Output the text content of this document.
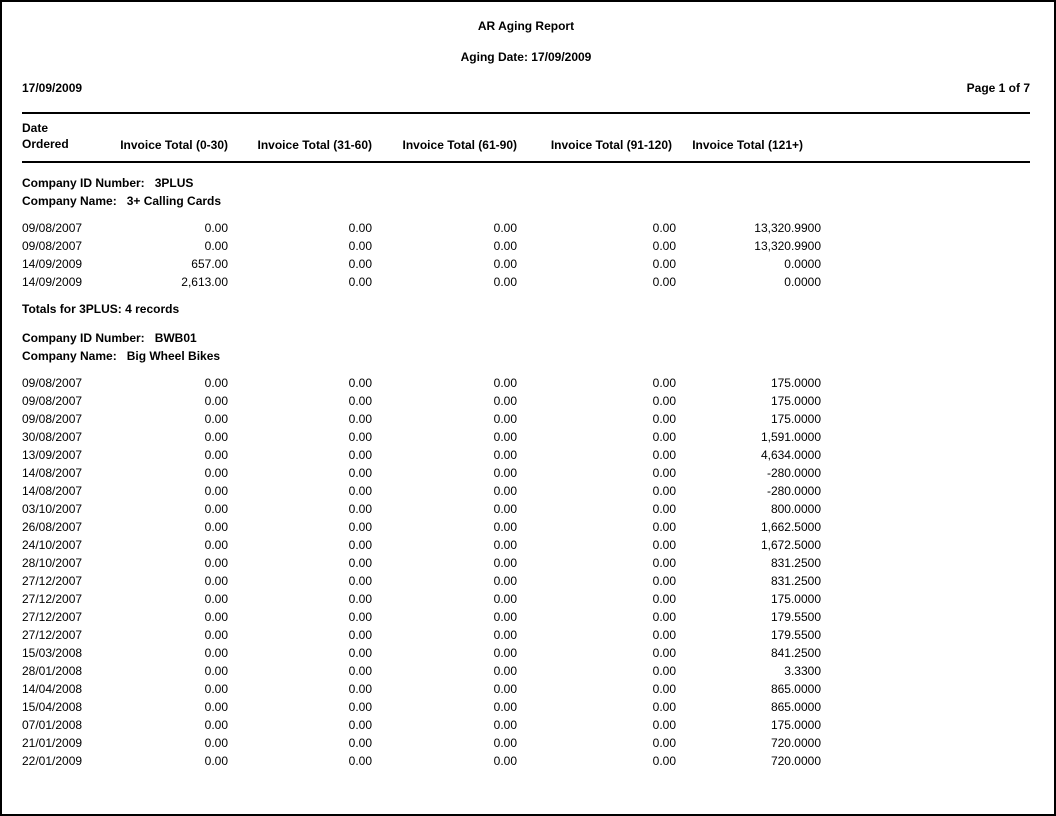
AR Aging Report
Aging Date: 17/09/2009
17/09/2009	Page 1 of 7
Date
Ordered	Invoice Total (0-30)	Invoice Total (31-60)	Invoice Total (61-90)	Invoice Total (91-120)	Invoice Total (121+)	

Company ID Number: 3PLUS						
Company Name: 3+ Calling Cards						

09/08/2007	0.00	0.00	0.00	0.00	13,320.9900	
09/08/2007	0.00	0.00	0.00	0.00	13,320.9900	
14/09/2009	657.00	0.00	0.00	0.00	0.0000	
14/09/2009	2,613.00	0.00	0.00	0.00	0.0000	

Totals for 3PLUS: 4 records						

Company ID Number: BWB01						
Company Name: Big Wheel Bikes						

09/08/2007	0.00	0.00	0.00	0.00	175.0000	
09/08/2007	0.00	0.00	0.00	0.00	175.0000	
09/08/2007	0.00	0.00	0.00	0.00	175.0000	
30/08/2007	0.00	0.00	0.00	0.00	1,591.0000	
13/09/2007	0.00	0.00	0.00	0.00	4,634.0000	
14/08/2007	0.00	0.00	0.00	0.00	-280.0000	
14/08/2007	0.00	0.00	0.00	0.00	-280.0000	
03/10/2007	0.00	0.00	0.00	0.00	800.0000	
26/08/2007	0.00	0.00	0.00	0.00	1,662.5000	
24/10/2007	0.00	0.00	0.00	0.00	1,672.5000	
28/10/2007	0.00	0.00	0.00	0.00	831.2500	
27/12/2007	0.00	0.00	0.00	0.00	831.2500	
27/12/2007	0.00	0.00	0.00	0.00	175.0000	
27/12/2007	0.00	0.00	0.00	0.00	179.5500	
27/12/2007	0.00	0.00	0.00	0.00	179.5500	
15/03/2008	0.00	0.00	0.00	0.00	841.2500	
28/01/2008	0.00	0.00	0.00	0.00	3.3300	
14/04/2008	0.00	0.00	0.00	0.00	865.0000	
15/04/2008	0.00	0.00	0.00	0.00	865.0000	
07/01/2008	0.00	0.00	0.00	0.00	175.0000	
21/01/2009	0.00	0.00	0.00	0.00	720.0000	
22/01/2009	0.00	0.00	0.00	0.00	720.0000	
